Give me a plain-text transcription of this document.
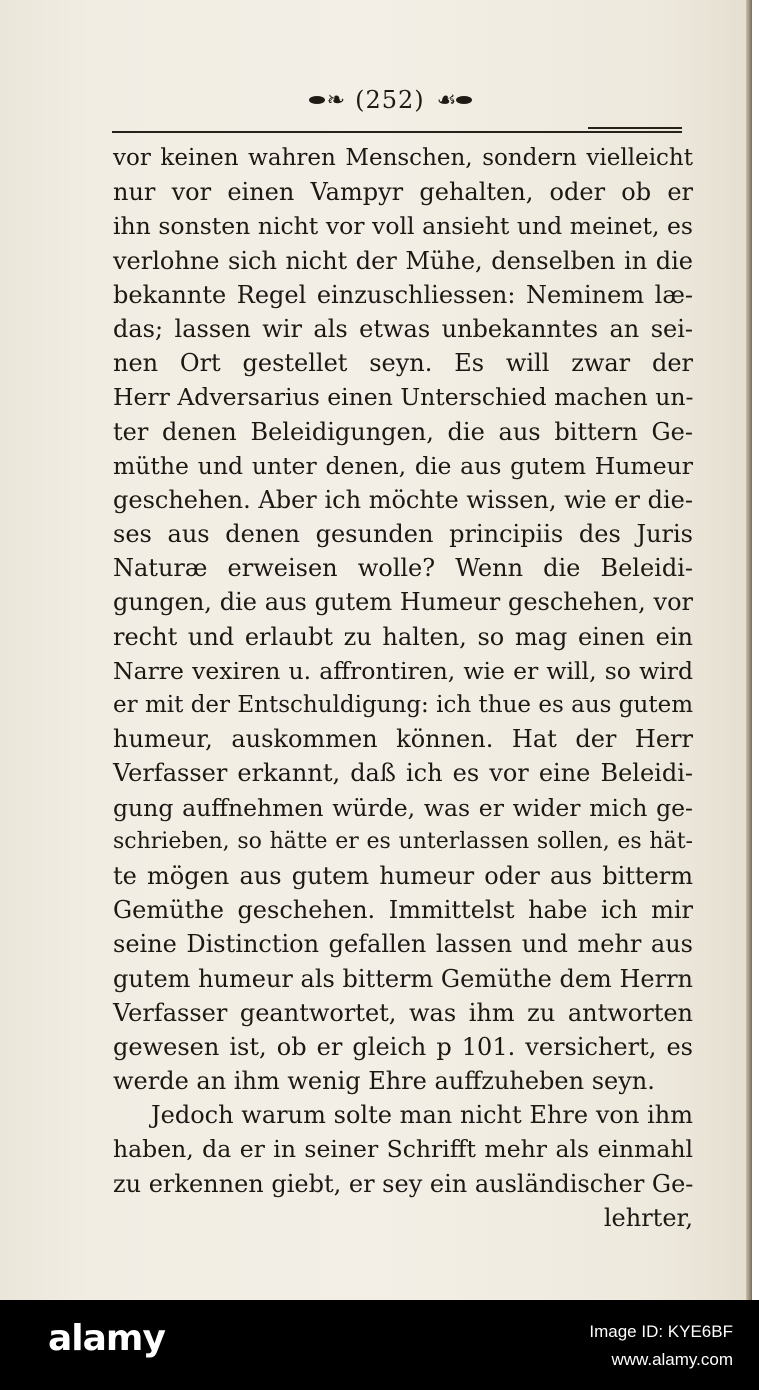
❧ (252) ☙
vor keinen wahren Menschen, sondern vielleicht
nur vor einen Vampyr gehalten, oder ob er
ihn sonsten nicht vor voll ansieht und meinet, es
verlohne sich nicht der Mühe, denselben in die
bekannte Regel einzuschliessen: Neminem læ-
das; lassen wir als etwas unbekanntes an sei-
nen Ort gestellet seyn. Es will zwar der
Herr Adversarius einen Unterschied machen un-
ter denen Beleidigungen, die aus bittern Ge-
müthe und unter denen, die aus gutem Humeur
geschehen. Aber ich möchte wissen, wie er die-
ses aus denen gesunden principiis des Juris
Naturæ erweisen wolle? Wenn die Beleidi-
gungen, die aus gutem Humeur geschehen, vor
recht und erlaubt zu halten, so mag einen ein
Narre vexiren u. affrontiren, wie er will, so wird
er mit der Entschuldigung: ich thue es aus gutem
humeur, auskommen können. Hat der Herr
Verfasser erkannt, daß ich es vor eine Beleidi-
gung auffnehmen würde, was er wider mich ge-
schrieben, so hätte er es unterlassen sollen, es hät-
te mögen aus gutem humeur oder aus bitterm
Gemüthe geschehen. Immittelst habe ich mir
seine Distinction gefallen lassen und mehr aus
gutem humeur als bitterm Gemüthe dem Herrn
Verfasser geantwortet, was ihm zu antworten
gewesen ist, ob er gleich p 101. versichert, es
werde an ihm wenig Ehre auffzuheben seyn.
Jedoch warum solte man nicht Ehre von ihm
haben, da er in seiner Schrifft mehr als einmahl
zu erkennen giebt, er sey ein ausländischer Ge-
lehrter,
alamy	Image ID: KYE6BF
www.alamy.com
